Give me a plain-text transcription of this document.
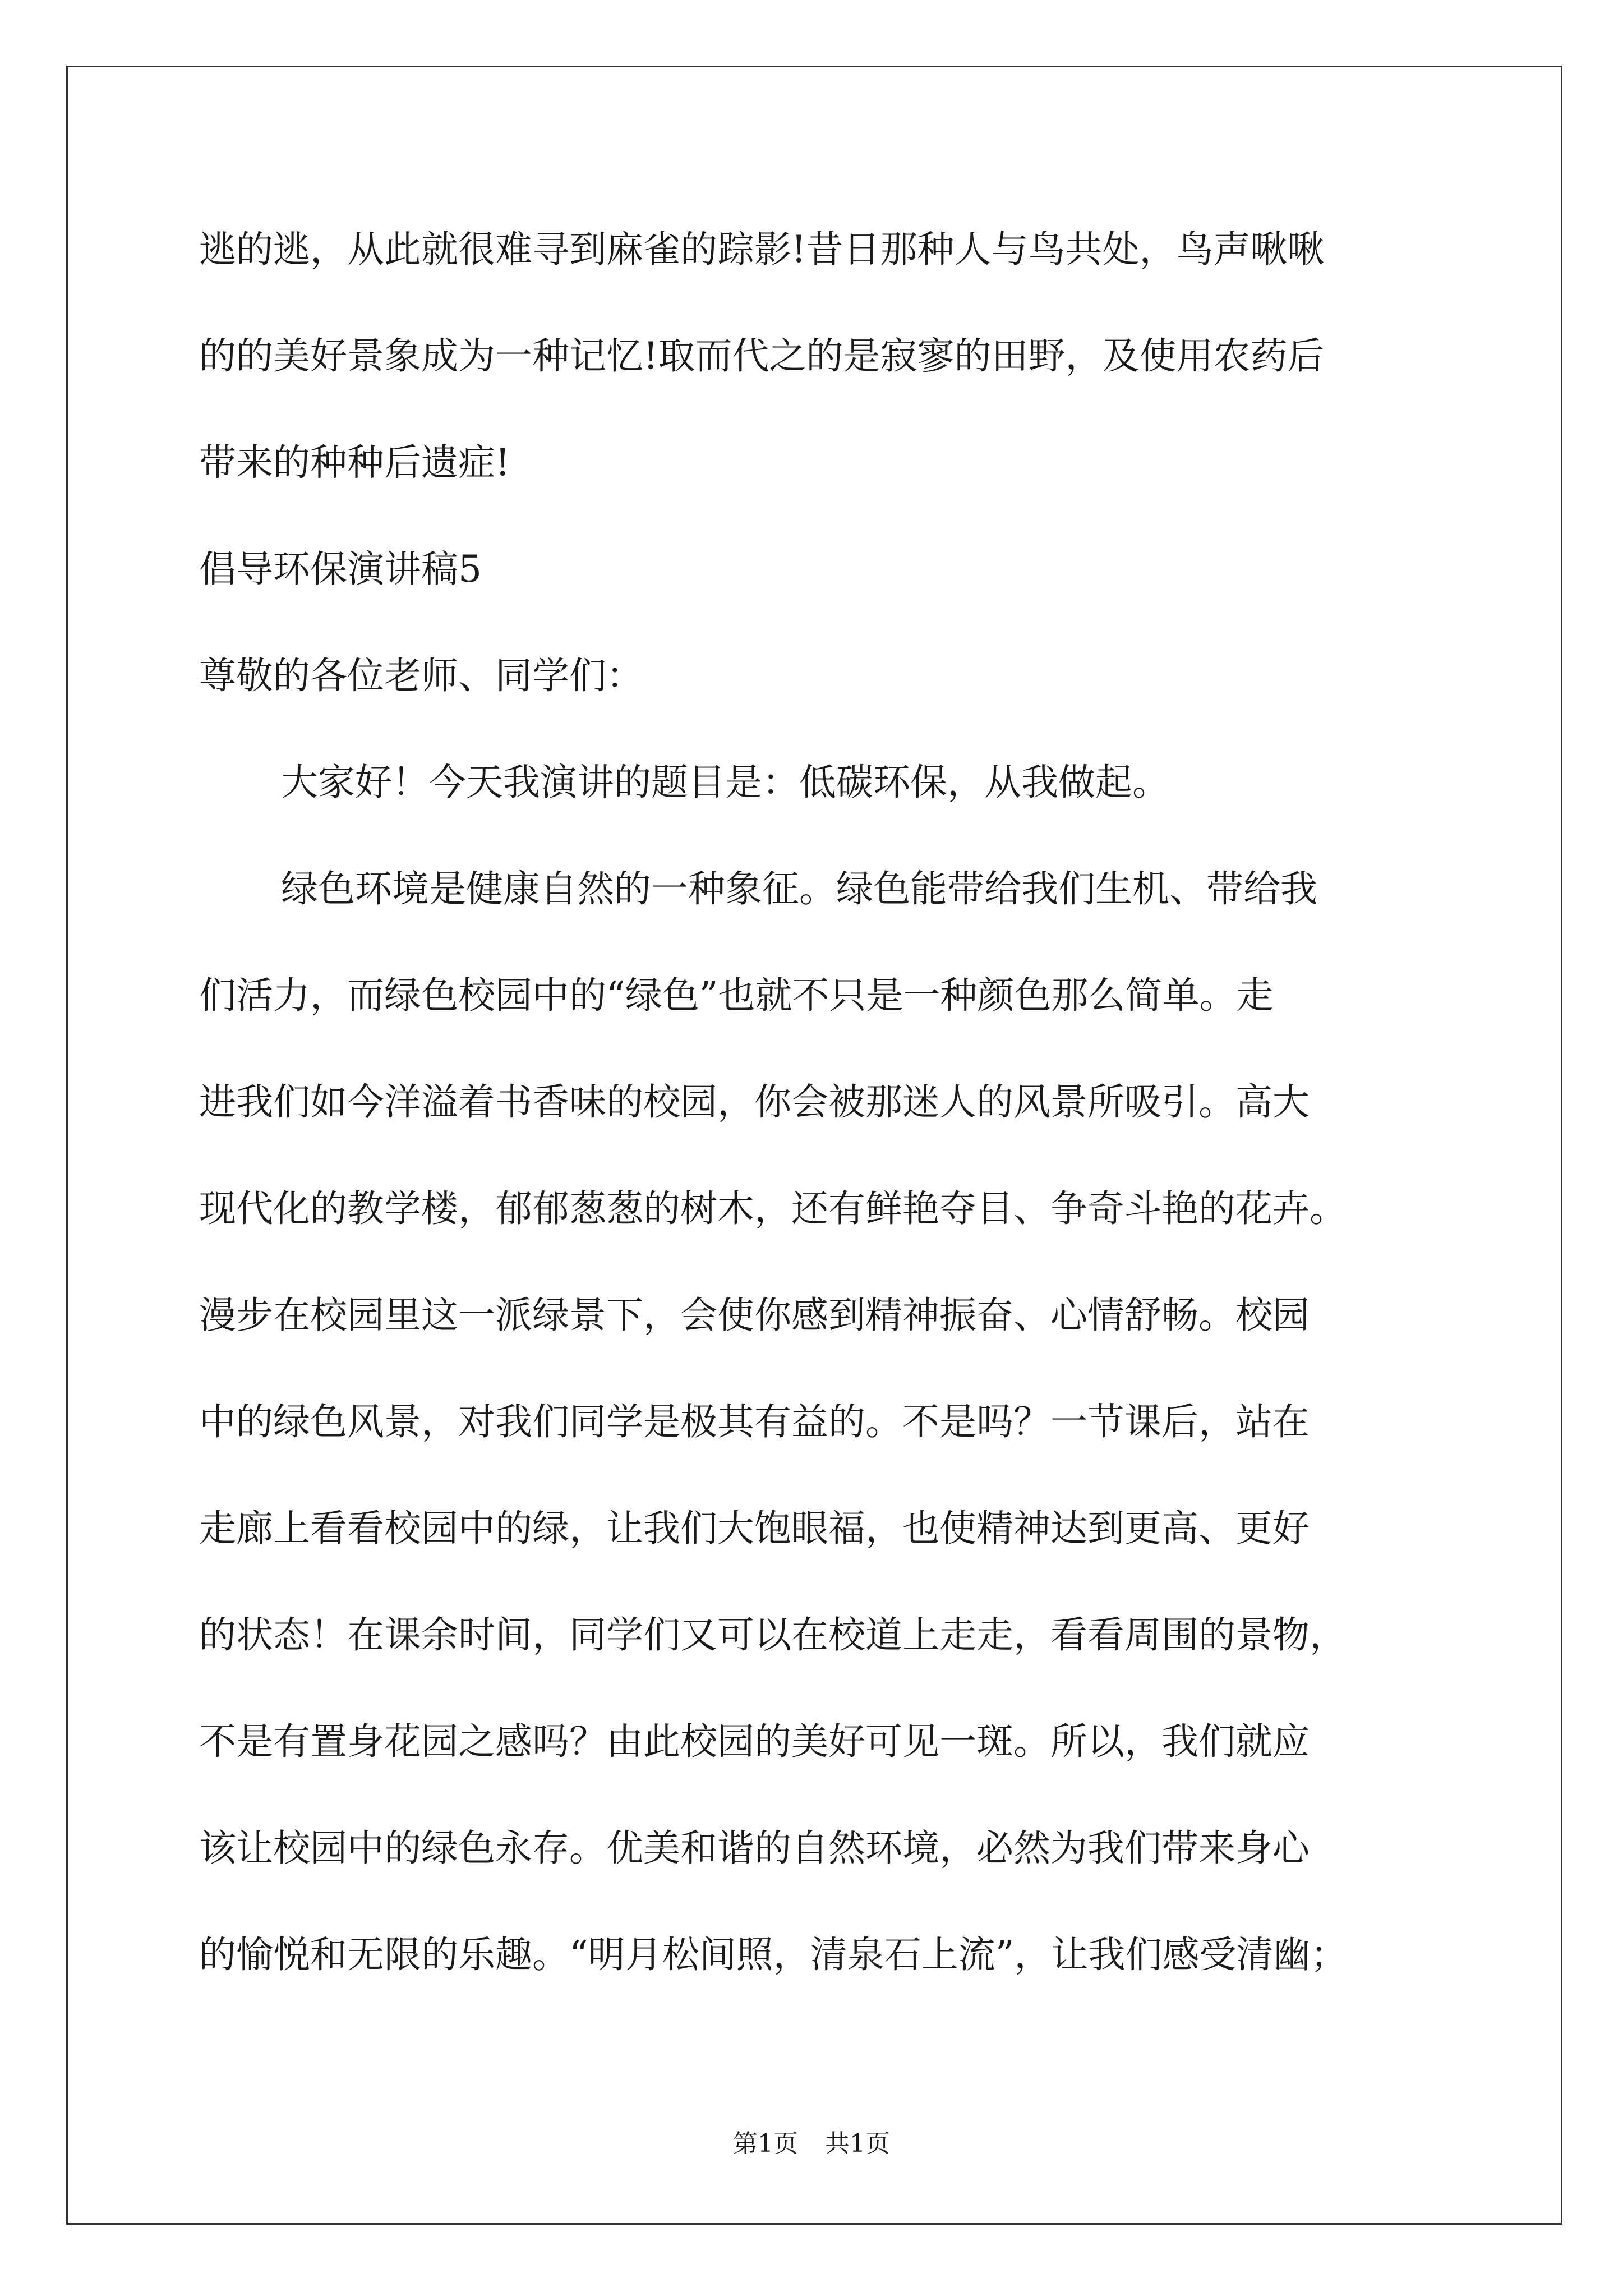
逃的逃，从此就很难寻到麻雀的踪影!昔日那种人与鸟共处，鸟声啾啾
的的美好景象成为一种记忆!取而代之的是寂寥的田野，及使用农药后
带来的种种后遗症!
倡导环保演讲稿5
尊敬的各位老师、同学们：
大家好！今天我演讲的题目是：低碳环保，从我做起。
绿色环境是健康自然的一种象征。绿色能带给我们生机、带给我
们活力，而绿色校园中的“绿色”也就不只是一种颜色那么简单。走
进我们如今洋溢着书香味的校园，你会被那迷人的风景所吸引。高大
现代化的教学楼，郁郁葱葱的树木，还有鲜艳夺目、争奇斗艳的花卉。
漫步在校园里这一派绿景下，会使你感到精神振奋、心情舒畅。校园
中的绿色风景，对我们同学是极其有益的。不是吗？一节课后，站在
走廊上看看校园中的绿，让我们大饱眼福，也使精神达到更高、更好
的状态！在课余时间，同学们又可以在校道上走走，看看周围的景物，
不是有置身花园之感吗？由此校园的美好可见一斑。所以，我们就应
该让校园中的绿色永存。优美和谐的自然环境，必然为我们带来身心
的愉悦和无限的乐趣。“明月松间照，清泉石上流”，让我们感受清幽；
第1页 共1页
